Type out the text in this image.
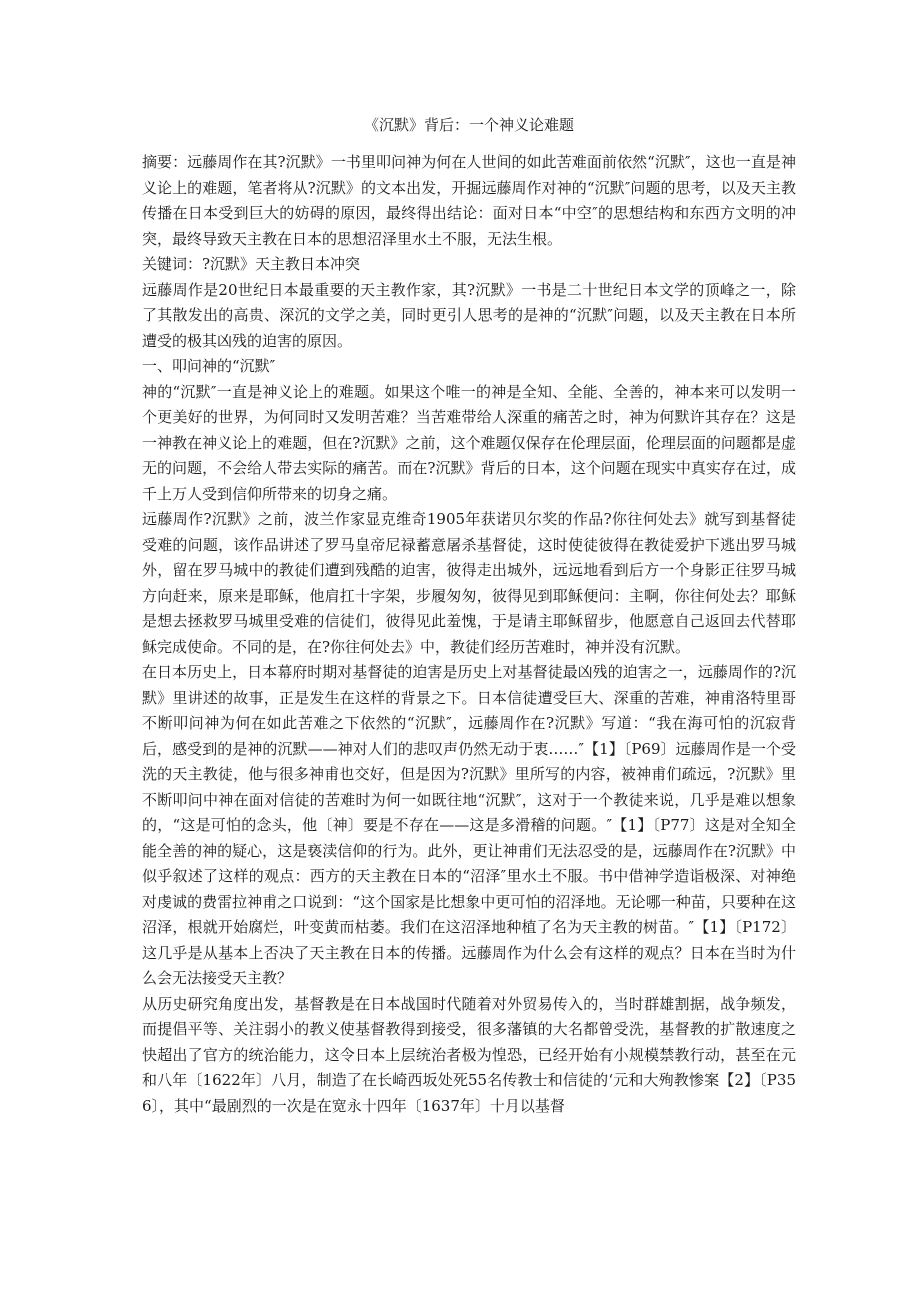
《沉默》背后：一个神义论难题

摘要：远藤周作在其?沉默》一书里叩问神为何在人世间的如此苦难面前依然“沉默″，这也一直是神义论上的难题，笔者将从?沉默》的文本出发，开掘远藤周作对神的“沉默″问题的思考，以及天主教传播在日本受到巨大的妨碍的原因，最终得出结论：面对日本“中空″的思想结构和东西方文明的冲突，最终导致天主教在日本的思想沼泽里水土不服，无法生根。

关键词：?沉默》天主教日本冲突

远藤周作是20世纪日本最重要的天主教作家，其?沉默》一书是二十世纪日本文学的顶峰之一，除了其散发出的高贵、深沉的文学之美，同时更引人思考的是神的“沉默″问题，以及天主教在日本所遭受的极其凶残的迫害的原因。

一、叩问神的“沉默″

神的“沉默″一直是神义论上的难题。如果这个唯一的神是全知、全能、全善的，神本来可以发明一个更美好的世界，为何同时又发明苦难？当苦难带给人深重的痛苦之时，神为何默许其存在？这是一神教在神义论上的难题，但在?沉默》之前，这个难题仅保存在伦理层面，伦理层面的问题都是虚无的问题，不会给人带去实际的痛苦。而在?沉默》背后的日本，这个问题在现实中真实存在过，成千上万人受到信仰所带来的切身之痛。

远藤周作?沉默》之前，波兰作家显克维奇1905年获诺贝尔奖的作品?你往何处去》就写到基督徒受难的问题，该作品讲述了罗马皇帝尼禄蓄意屠杀基督徒，这时使徒彼得在教徒爱护下逃出罗马城外，留在罗马城中的教徒们遭到残酷的迫害，彼得走出城外，远远地看到后方一个身影正往罗马城方向赶来，原来是耶稣，他肩扛十字架，步履匆匆，彼得见到耶稣便问：主啊，你往何处去？耶稣是想去拯救罗马城里受难的信徒们，彼得见此羞愧，于是请主耶稣留步，他愿意自己返回去代替耶稣完成使命。不同的是，在?你往何处去》中，教徒们经历苦难时，神并没有沉默。

在日本历史上，日本幕府时期对基督徒的迫害是历史上对基督徒最凶残的迫害之一，远藤周作的?沉默》里讲述的故事，正是发生在这样的背景之下。日本信徒遭受巨大、深重的苦难，神甫洛特里哥不断叩问神为何在如此苦难之下依然的“沉默″，远藤周作在?沉默》写道：“我在海可怕的沉寂背后，感受到的是神的沉默——神对人们的悲叹声仍然无动于衷……″【1】〔P69〕远藤周作是一个受洗的天主教徒，他与很多神甫也交好，但是因为?沉默》里所写的内容，被神甫们疏远，?沉默》里不断叩问中神在面对信徒的苦难时为何一如既往地“沉默″，这对于一个教徒来说，几乎是难以想象的，“这是可怕的念头，他〔神〕要是不存在——这是多滑稽的问题。″【1】〔P77〕这是对全知全能全善的神的疑心，这是亵渎信仰的行为。此外，更让神甫们无法忍受的是，远藤周作在?沉默》中似乎叙述了这样的观点：西方的天主教在日本的“沼泽″里水土不服。书中借神学造诣极深、对神绝对虔诚的费雷拉神甫之口说到：“这个国家是比想象中更可怕的沼泽地。无论哪一种苗，只要种在这沼泽，根就开始腐烂，叶变黄而枯萎。我们在这沼泽地种植了名为天主教的树苗。″【1】〔P172〕这几乎是从基本上否决了天主教在日本的传播。远藤周作为什么会有这样的观点？日本在当时为什么会无法接受天主教？

从历史研究角度出发，基督教是在日本战国时代随着对外贸易传入的，当时群雄割据，战争频发，而提倡平等、关注弱小的教义使基督教得到接受，很多藩镇的大名都曾受洗，基督教的扩散速度之快超出了官方的统治能力，这令日本上层统治者极为惶恐，已经开始有小规模禁教行动，甚至在元和八年〔1622年〕八月，制造了在长崎西坂处死55名传教士和信徒的‘元和大殉教惨案【2】〔P356〕，其中“最剧烈的一次是在宽永十四年〔1637年〕十月以基督
